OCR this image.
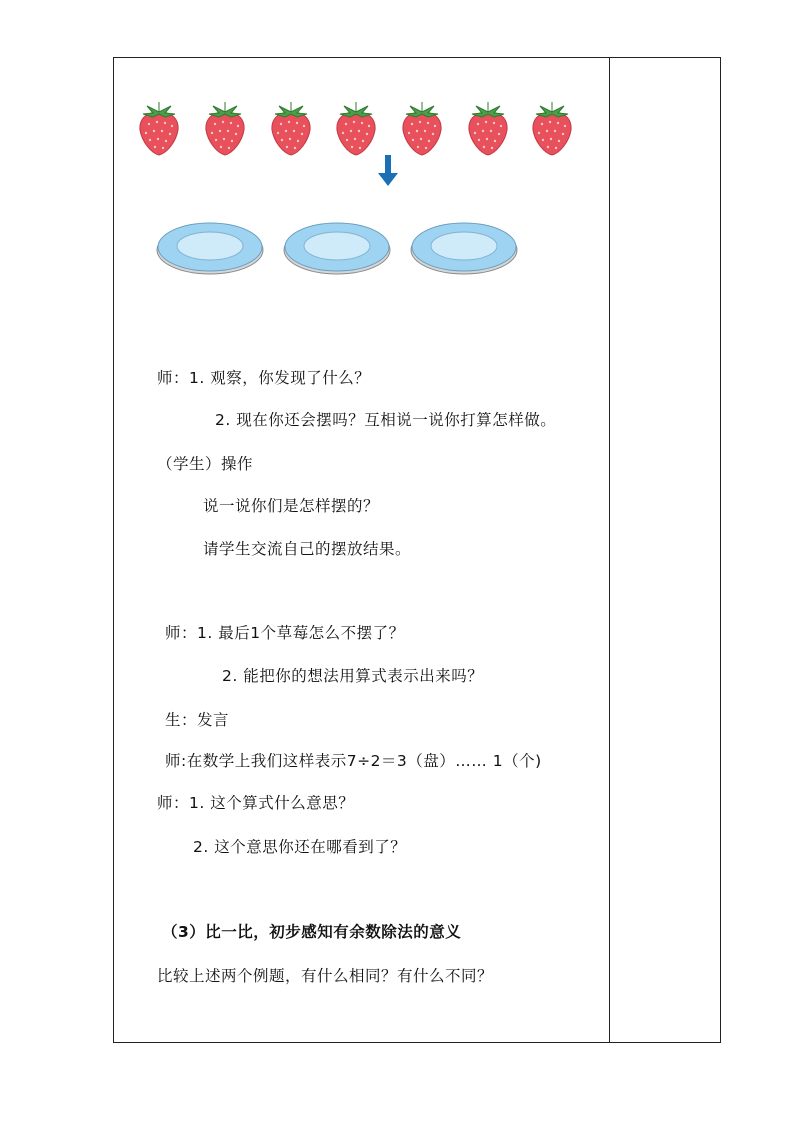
师：1. 观察，你发现了什么？
2. 现在你还会摆吗？互相说一说你打算怎样做。
（学生）操作
说一说你们是怎样摆的？
请学生交流自己的摆放结果。
师：1. 最后1个草莓怎么不摆了？
2. 能把你的想法用算式表示出来吗？
生：发言
师:在数学上我们这样表示7÷2＝3（盘）…… 1（个)
师：1. 这个算式什么意思？
2. 这个意思你还在哪看到了？
（3）比一比，初步感知有余数除法的意义
比较上述两个例题，有什么相同？有什么不同？
